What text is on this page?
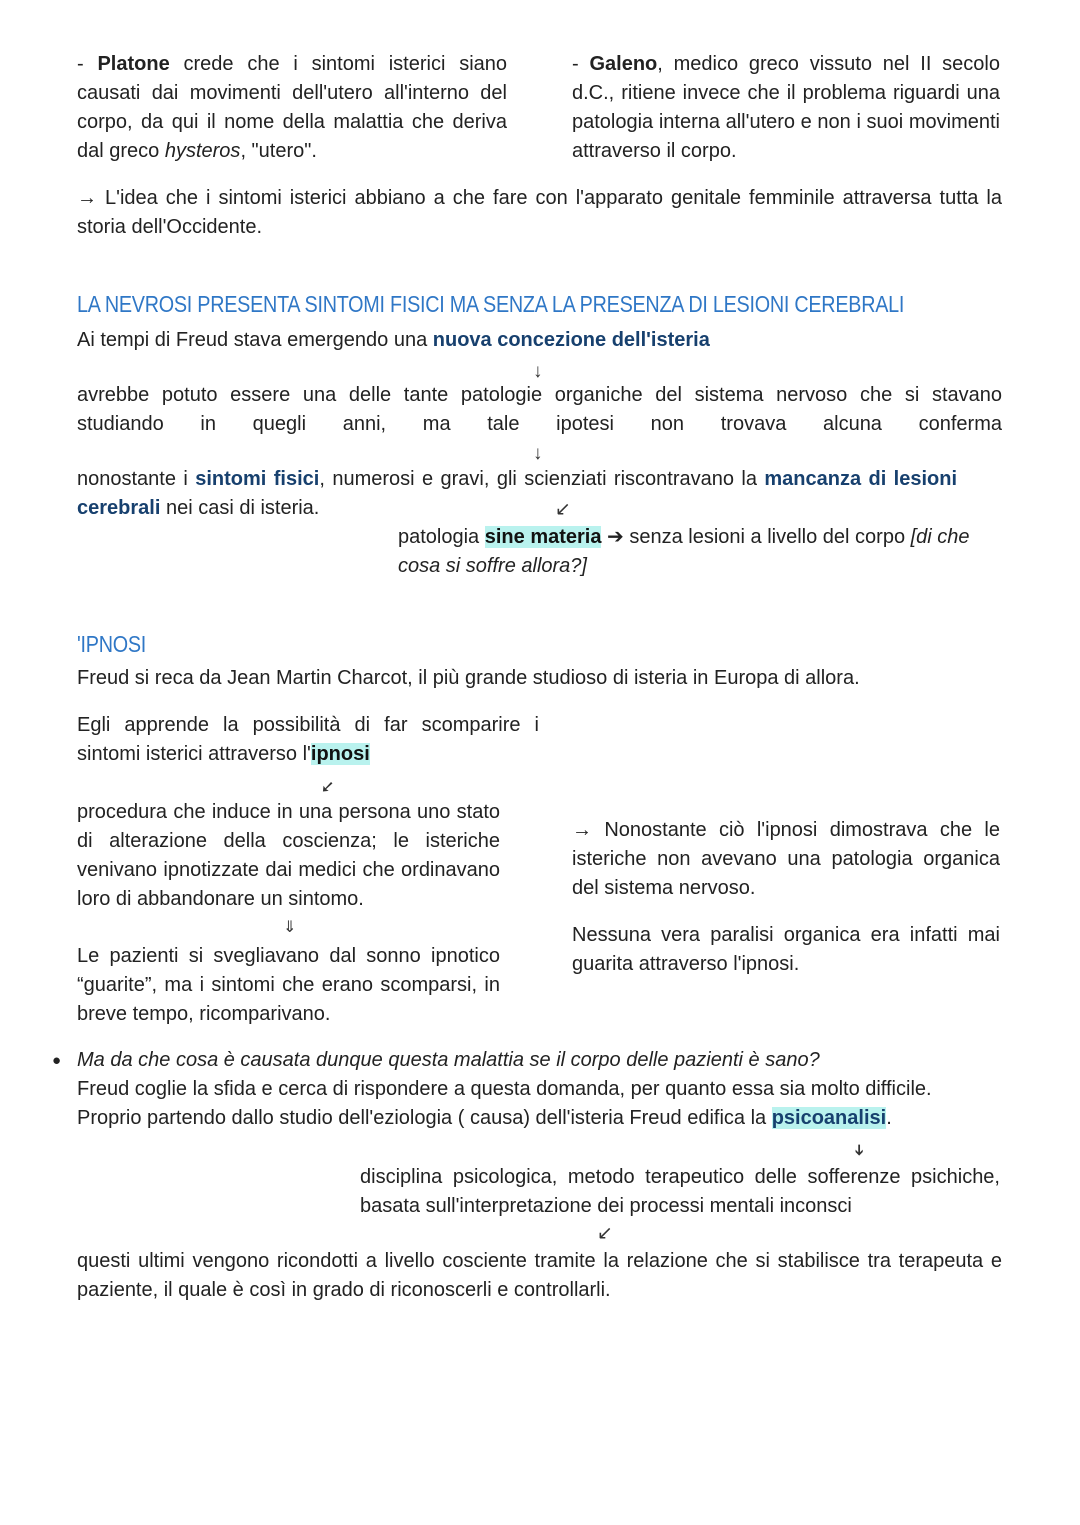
- Platone crede che i sintomi isterici siano causati dai movimenti dell'utero all'interno del corpo, da qui il nome della malattia che deriva dal greco hysteros, "utero".
- Galeno, medico greco vissuto nel II secolo d.C., ritiene invece che il problema riguardi una patologia interna all'utero e non i suoi movimenti attraverso il corpo.
→ L'idea che i sintomi isterici abbiano a che fare con l'apparato genitale femminile attraversa tutta la storia dell'Occidente.
LA NEVROSI PRESENTA SINTOMI FISICI MA SENZA LA PRESENZA DI LESIONI CEREBRALI
Ai tempi di Freud stava emergendo una nuova concezione dell'isteria
↓
avrebbe potuto essere una delle tante patologie organiche del sistema nervoso che si stavano studiando in quegli anni, ma tale ipotesi non trovava alcuna conferma
↓
nonostante i sintomi fisici, numerosi e gravi, gli scienziati riscontravano la mancanza di lesioni cerebrali nei casi di isteria.	↙
patologia sine materia ➔ senza lesioni a livello del corpo [di che cosa si soffre allora?]
'IPNOSI
Freud si reca da Jean Martin Charcot, il più grande studioso di isteria in Europa di allora.
Egli apprende la possibilità di far scomparire i sintomi isterici attraverso l'ipnosi
➘
procedura che induce in una persona uno stato di alterazione della coscienza; le isteriche venivano ipnotizzate dai medici che ordinavano loro di abbandonare un sintomo.
⇓
Le pazienti si svegliavano dal sonno ipnotico “guarite”, ma i sintomi che erano scomparsi, in breve tempo, ricomparivano.
→ Nonostante ciò l'ipnosi dimostrava che le isteriche non avevano una patologia organica del sistema nervoso.
Nessuna vera paralisi organica era infatti mai guarita attraverso l'ipnosi.
● Ma da che cosa è causata dunque questa malattia se il corpo delle pazienti è sano?
Freud coglie la sfida e cerca di rispondere a questa domanda, per quanto essa sia molto difficile.
Proprio partendo dallo studio dell'eziologia ( causa) dell'isteria Freud edifica la psicoanalisi.
➔
disciplina psicologica, metodo terapeutico delle sofferenze psichiche, basata sull'interpretazione dei processi mentali inconsci
↙
questi ultimi vengono ricondotti a livello cosciente tramite la relazione che si stabilisce tra terapeuta e paziente, il quale è così in grado di riconoscerli e controllarli.
